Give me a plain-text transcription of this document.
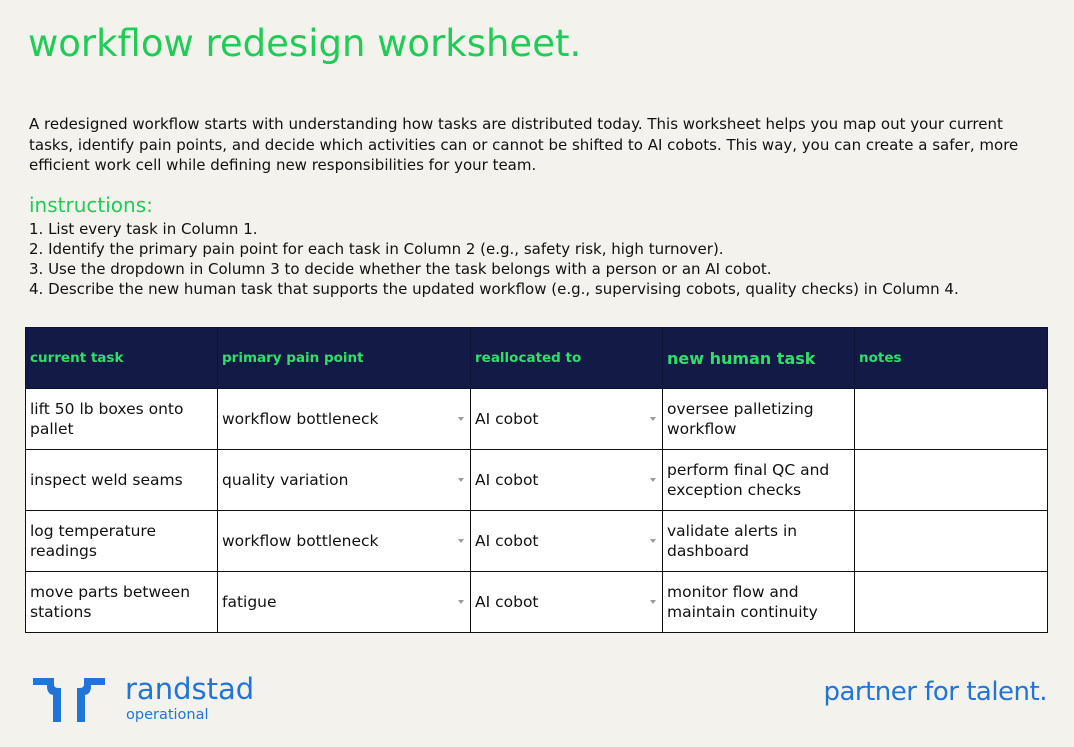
workflow redesign worksheet.

A redesigned workflow starts with understanding how tasks are distributed today. This worksheet helps you map out your current tasks, identify pain points, and decide which activities can or cannot be shifted to AI cobots. This way, you can create a safer, more efficient work cell while defining new responsibilities for your team.

instructions:
1. List every task in Column 1.
2. Identify the primary pain point for each task in Column 2 (e.g., safety risk, high turnover).
3. Use the dropdown in Column 3 to decide whether the task belongs with a person or an AI cobot.
4. Describe the new human task that supports the updated workflow (e.g., supervising cobots, quality checks) in Column 4.
current task	primary pain point	reallocated to	new human task	notes
lift 50 lb boxes onto pallet	workflow bottleneck	AI cobot	oversee palletizing workflow	
inspect weld seams	quality variation	AI cobot	perform final QC and exception checks	
log temperature readings	workflow bottleneck	AI cobot	validate alerts in dashboard	
move parts between stations	fatigue	AI cobot	monitor flow and maintain continuity	
randstad
operational
partner for talent.
